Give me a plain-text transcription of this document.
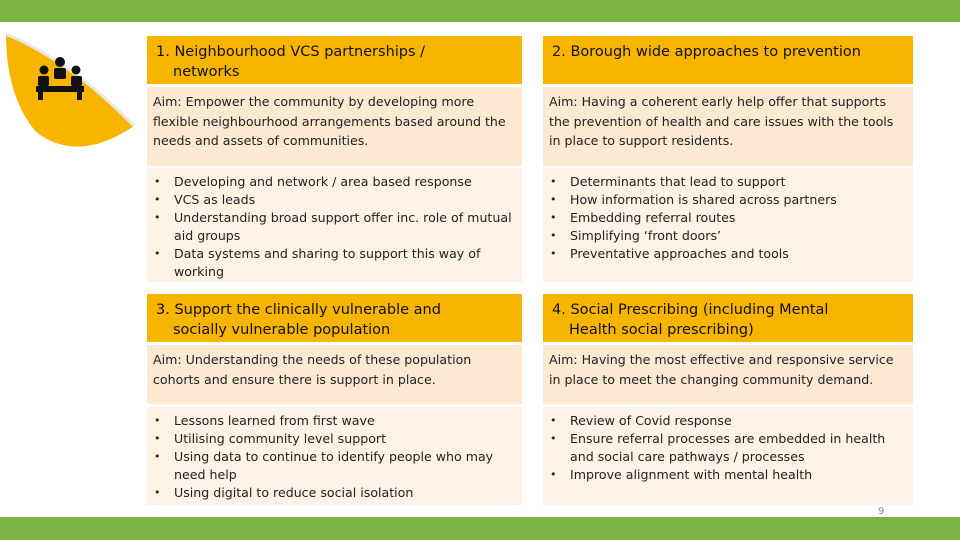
1. Neighbourhood VCS partnerships /
networks
Aim: Empower the community by developing more flexible neighbourhood arrangements based around the needs and assets of communities.
• Developing and network / area based response
• VCS as leads
• Understanding broad support offer inc. role of mutual aid groups
• Data systems and sharing to support this way of working
2. Borough wide approaches to prevention
Aim: Having a coherent early help offer that supports the prevention of health and care issues with the tools in place to support residents.
• Determinants that lead to support
• How information is shared across partners
• Embedding referral routes
• Simplifying ‘front doors’
• Preventative approaches and tools
3. Support the clinically vulnerable and
socially vulnerable population
Aim: Understanding the needs of these population cohorts and ensure there is support in place.
• Lessons learned from first wave
• Utilising community level support
• Using data to continue to identify people who may need help
• Using digital to reduce social isolation
4. Social Prescribing (including Mental
Health social prescribing)
Aim: Having the most effective and responsive service in place to meet the changing community demand.
• Review of Covid response
• Ensure referral processes are embedded in health and social care pathways / processes
• Improve alignment with mental health
9
